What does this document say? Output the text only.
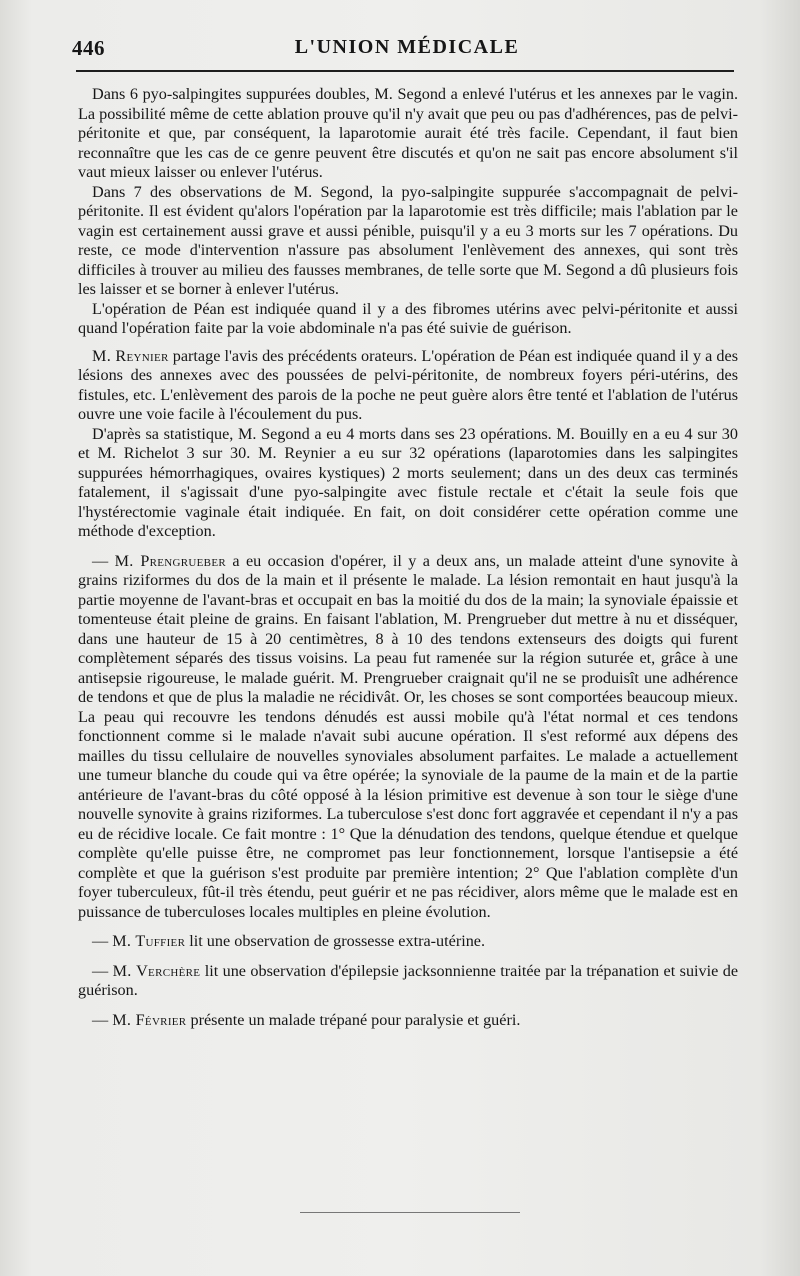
446	L'UNION MÉDICALE

Dans 6 pyo-salpingites suppurées doubles, M. Segond a enlevé l'utérus et les annexes par le vagin. La possibilité même de cette ablation prouve qu'il n'y avait que peu ou pas d'adhérences, pas de pelvi-péritonite et que, par conséquent, la laparotomie aurait été très facile. Cependant, il faut bien reconnaître que les cas de ce genre peuvent être discutés et qu'on ne sait pas encore absolument s'il vaut mieux laisser ou enlever l'utérus.

Dans 7 des observations de M. Segond, la pyo-salpingite suppurée s'accompagnait de pelvi-péritonite. Il est évident qu'alors l'opération par la laparotomie est très difficile; mais l'ablation par le vagin est certainement aussi grave et aussi pénible, puisqu'il y a eu 3 morts sur les 7 opérations. Du reste, ce mode d'intervention n'assure pas absolument l'enlèvement des annexes, qui sont très difficiles à trouver au milieu des fausses membranes, de telle sorte que M. Segond a dû plusieurs fois les laisser et se borner à enlever l'utérus.

L'opération de Péan est indiquée quand il y a des fibromes utérins avec pelvi-péritonite et aussi quand l'opération faite par la voie abdominale n'a pas été suivie de guérison.

M. Reynier partage l'avis des précédents orateurs. L'opération de Péan est indiquée quand il y a des lésions des annexes avec des poussées de pelvi-péritonite, de nombreux foyers péri-utérins, des fistules, etc. L'enlèvement des parois de la poche ne peut guère alors être tenté et l'ablation de l'utérus ouvre une voie facile à l'écoulement du pus.

D'après sa statistique, M. Segond a eu 4 morts dans ses 23 opérations. M. Bouilly en a eu 4 sur 30 et M. Richelot 3 sur 30. M. Reynier a eu sur 32 opérations (laparotomies dans les salpingites suppurées hémorrhagiques, ovaires kystiques) 2 morts seulement; dans un des deux cas terminés fatalement, il s'agissait d'une pyo-salpingite avec fistule rectale et c'était la seule fois que l'hystérectomie vaginale était indiquée. En fait, on doit considérer cette opération comme une méthode d'exception.

— M. Prengrueber a eu occasion d'opérer, il y a deux ans, un malade atteint d'une synovite à grains riziformes du dos de la main et il présente le malade. La lésion remontait en haut jusqu'à la partie moyenne de l'avant-bras et occupait en bas la moitié du dos de la main; la synoviale épaissie et tomenteuse était pleine de grains. En faisant l'ablation, M. Prengrueber dut mettre à nu et disséquer, dans une hauteur de 15 à 20 centimètres, 8 à 10 des tendons extenseurs des doigts qui furent complètement séparés des tissus voisins. La peau fut ramenée sur la région suturée et, grâce à une antisepsie rigoureuse, le malade guérit. M. Prengrueber craignait qu'il ne se produisît une adhérence de tendons et que de plus la maladie ne récidivât. Or, les choses se sont comportées beaucoup mieux. La peau qui recouvre les tendons dénudés est aussi mobile qu'à l'état normal et ces tendons fonctionnent comme si le malade n'avait subi aucune opération. Il s'est reformé aux dépens des mailles du tissu cellulaire de nouvelles synoviales absolument parfaites. Le malade a actuellement une tumeur blanche du coude qui va être opérée; la synoviale de la paume de la main et de la partie antérieure de l'avant-bras du côté opposé à la lésion primitive est devenue à son tour le siège d'une nouvelle synovite à grains riziformes. La tuberculose s'est donc fort aggravée et cependant il n'y a pas eu de récidive locale. Ce fait montre : 1° Que la dénudation des tendons, quelque étendue et quelque complète qu'elle puisse être, ne compromet pas leur fonctionnement, lorsque l'antisepsie a été complète et que la guérison s'est produite par première intention; 2° Que l'ablation complète d'un foyer tuberculeux, fût-il très étendu, peut guérir et ne pas récidiver, alors même que le malade est en puissance de tuberculoses locales multiples en pleine évolution.

— M. Tuffier lit une observation de grossesse extra-utérine.

— M. Verchère lit une observation d'épilepsie jacksonnienne traitée par la trépanation et suivie de guérison.

— M. Février présente un malade trépané pour paralysie et guéri.
